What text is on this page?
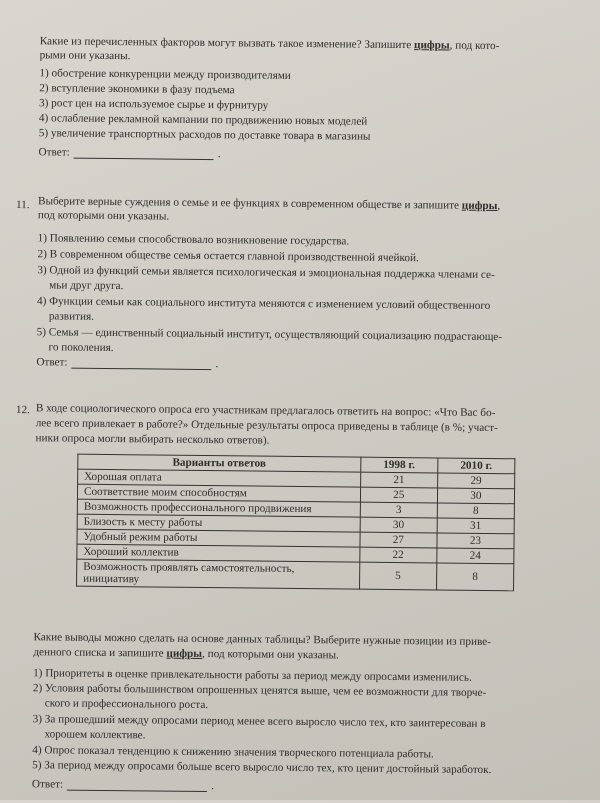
Какие из перечисленных факторов могут вызвать такое изменение? Запишите цифры, под кото-
рыми они указаны.
1) обострение конкуренции между производителями
2) вступление экономики в фазу подъема
3) рост цен на используемое сырье и фурнитуру
4) ослабление рекламной кампании по продвижению новых моделей
5) увеличение транспортных расходов по доставке товара в магазины
Ответ:	.
11. Выберите верные суждения о семье и ее функциях в современном обществе и запишите цифры,
под которыми они указаны.
1) Появлению семьи способствовало возникновение государства.
2) В современном обществе семья остается главной производственной ячейкой.
3) Одной из функций семьи является психологическая и эмоциональная поддержка членами се-
мьи друг друга.
4) Функции семьи как социального института меняются с изменением условий общественного
развития.
5) Семья — единственный социальный институт, осуществляющий социализацию подрастающе-
го поколения.
Ответ:	.
12. В ходе социологического опроса его участникам предлагалось ответить на вопрос: «Что Вас бо-
лее всего привлекает в работе?» Отдельные результаты опроса приведены в таблице (в %; участ-
ники опроса могли выбирать несколько ответов).
Варианты ответов	1998 г.	2010 г.
Хорошая оплата	21	29
Соответствие моим способностям	25	30
Возможность профессионального продвижения	3	8
Близость к месту работы	30	31
Удобный режим работы	27	23
Хороший коллектив	22	24
Возможность проявлять самостоятельность, инициативу	5	8
Какие выводы можно сделать на основе данных таблицы? Выберите нужные позиции из приве-
денного списка и запишите цифры, под которыми они указаны.
1) Приоритеты в оценке привлекательности работы за период между опросами изменились.
2) Условия работы большинством опрошенных ценятся выше, чем ее возможности для творче-
ского и профессионального роста.
3) За прошедший между опросами период менее всего выросло число тех, кто заинтересован в
хорошем коллективе.
4) Опрос показал тенденцию к снижению значения творческого потенциала работы.
5) За период между опросами больше всего выросло число тех, кто ценит достойный заработок.
Ответ:	.
